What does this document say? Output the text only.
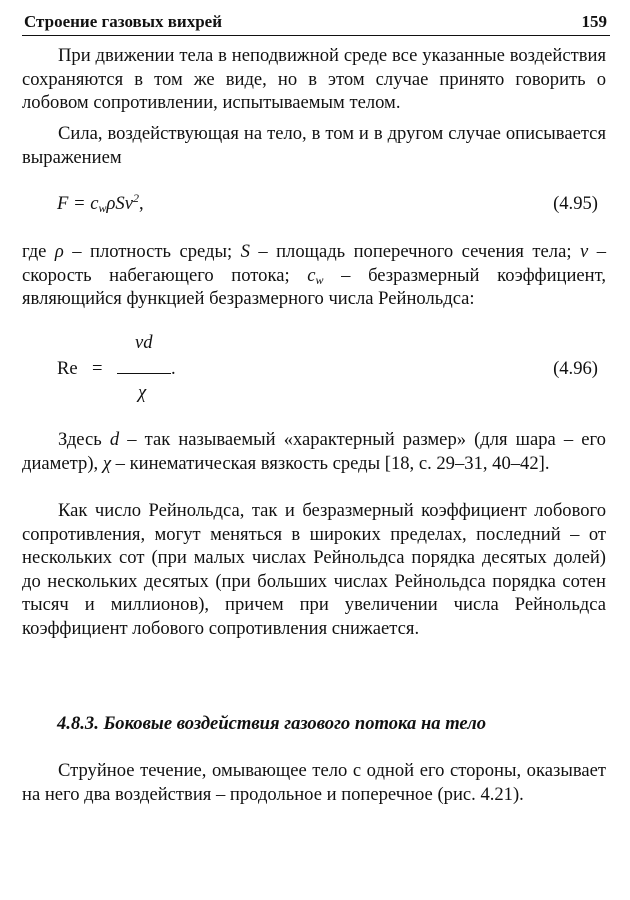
Строение газовых вихрей	159
При движении тела в неподвижной среде все указанные воздействия сохраняются в том же виде, но в этом случае принято говорить о лобовом сопротивлении, испытываемым телом.
Сила, воздействующая на тело, в том и в другом случае описывается выражением
$F = c_w\rho Sv^2$,	(4.95)
где ρ – плотность среды; S – площадь поперечного сечения тела; v – скорость набегающего потока; $c_w$ – безразмерный коэффициент, являющийся функцией безразмерного числа Рейнольдса:
Re =
vd
.
χ
(4.96)
Здесь d – так называемый «характерный размер» (для шара – его диаметр), χ – кинематическая вязкость среды [18, с. 29–31, 40–42].
Как число Рейнольдса, так и безразмерный коэффициент лобового сопротивления, могут меняться в широких пределах, последний – от нескольких сот (при малых числах Рейнольдса порядка десятых долей) до нескольких десятых (при больших числах Рейнольдса порядка сотен тысяч и миллионов), причем при увеличении числа Рейнольдса коэффициент лобового сопротивления снижается.
4.8.3. Боковые воздействия газового потока на тело
Струйное течение, омывающее тело с одной его стороны, оказывает на него два воздействия – продольное и поперечное (рис. 4.21).
